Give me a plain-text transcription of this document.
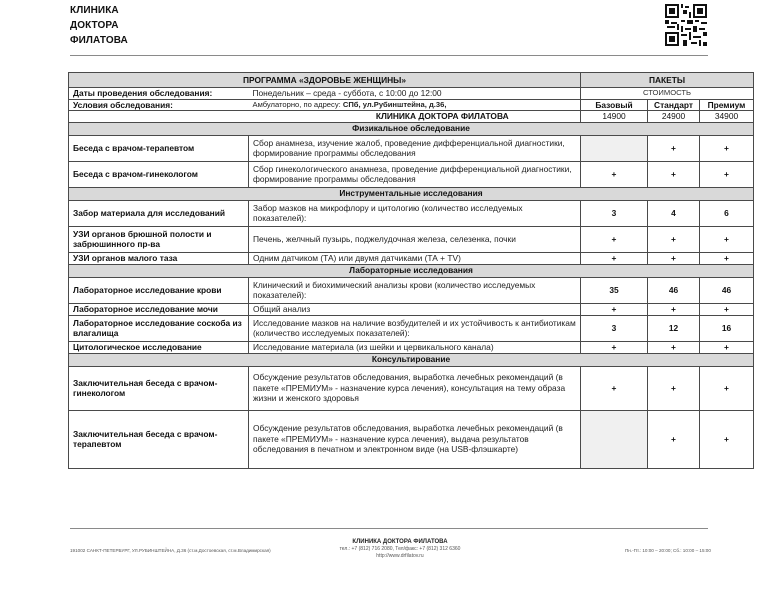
КЛИНИКА
ДОКТОРА
ФИЛАТОВА
ПРОГРАММА «ЗДОРОВЬЕ ЖЕНЩИНЫ»		ПАКЕТЫ		
Даты проведения обследования:	Понедельник – среда - суббота, с 10:00 до 12:00	СТОИМОСТЬ		
Условия обследования:	Амбулаторно, по адресу: СПб, ул.Рубинштейна, д.36,	Базовый	Стандарт	Премиум
	КЛИНИКА ДОКТОРА ФИЛАТОВА	14900	24900	34900
Физикальное обследование				
Беседа с врачом-терапевтом	Сбор анамнеза, изучение жалоб, проведение дифференциальной диагностики, формирование программы обследования		+	+
Беседа с врачом-гинекологом	Сбор гинекологического анамнеза, проведение дифференциальной диагностики, формирование программы обследования	+	+	+
Инструментальные исследования				
Забор материала для исследований	Забор мазков на микрофлору и цитологию (количество исследуемых показателей):	3	4	6
УЗИ органов брюшной полости и забрюшинного пр-ва	Печень, желчный пузырь, поджелудочная железа, селезенка, почки	+	+	+
УЗИ органов малого таза	Одним датчиком (ТА) или двумя датчиками (ТА + TV)	+	+	+
Лабораторные исследования				
Лабораторное исследование крови	Клинический и биохимический анализы крови (количество исследуемых показателей):	35	46	46
Лабораторное исследование мочи	Общий анализ	+	+	+
Лабораторное исследование соскоба из влагалища	Исследование мазков на наличие возбудителей и их устойчивость к антибиотикам (количество исследуемых показателей):	3	12	16
Цитологическое исследование	Исследование материала (из шейки и цервикального канала)	+	+	+
Консультирование				
Заключительная беседа с врачом-гинекологом	Обсуждение результатов обследования, выработка лечебных рекомендаций (в пакете «ПРЕМИУМ» - назначение курса лечения), консультация на тему образа жизни и женского здоровья	+	+	+
Заключительная беседа с врачом-терапевтом	Обсуждение результатов обследования, выработка лечебных рекомендаций (в пакете «ПРЕМИУМ» - назначение курса лечения), выдача результатов обследования в печатном и электронном виде (на USB-флэшкарте)		+	+
191002 САНКТ-ПЕТЕРБУРГ, УЛ.РУБИНШТЕЙНА, Д.36 (ст.м.Достоевская, ст.м.Владимирская)
КЛИНИКА ДОКТОРА ФИЛАТОВА
тел.: +7 (812) 716 2080, Тел/факс: +7 (812) 312 6360
http://www.drfilatov.ru
Пн.-Пт.: 10:00 – 20:00; Сб.: 10:00 – 15:00
